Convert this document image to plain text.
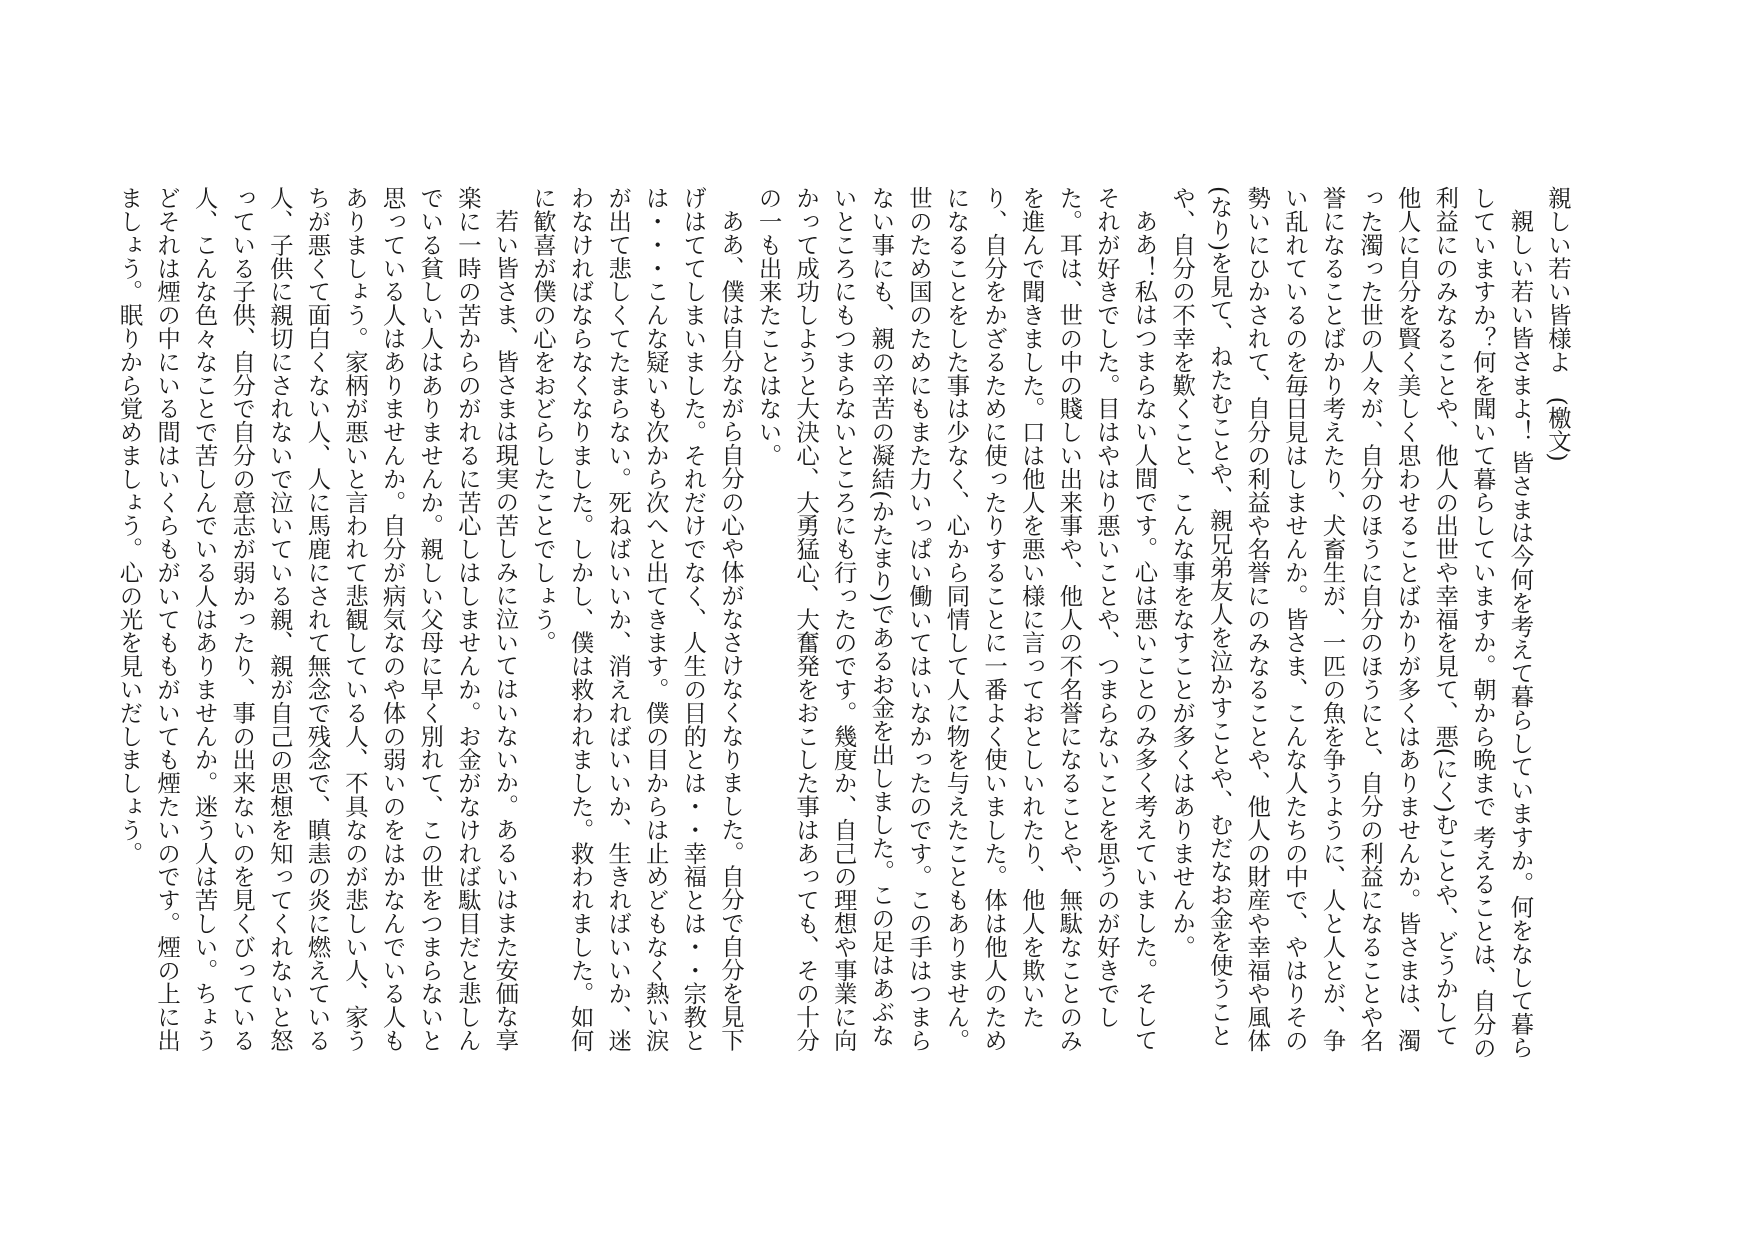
親しい若い皆様よ　(檄文)

親しい若い皆さまよ！ 皆さまは今何を考えて暮らしていますか。何をなして暮らしていますか？何を聞いて暮らしていますか。朝から晩まで 考えることは、自分の利益にのみなることや、他人の出世や幸福を見て、悪(にく)むことや、どうかして他人に自分を賢く美しく思わせることばかりが多くはありませんか。皆さまは、濁った濁った世の人々が、自分のほうに自分のほうにと、自分の利益になることや名誉になることばかり考えたり、犬畜生が、一匹の魚を争うように、人と人とが、争い乱れているのを毎日見はしませんか。皆さま、こんな人たちの中で、やはりその勢いにひかされて、自分の利益や名誉にのみなることや、他人の財産や幸福や風体(なり)を見て、ねたむことや、親兄弟友人を泣かすことや、むだなお金を使うことや、自分の不幸を歎くこと、こんな事をなすことが多くはありませんか。

ああ！私はつまらない人間です。心は悪いことのみ多く考えていました。そしてそれが好きでした。目はやはり悪いことや、つまらないことを思うのが好きでした。耳は、世の中の賤しい出来事や、他人の不名誉になることや、無駄なことのみを進んで聞きました。口は他人を悪い様に言っておとしいれたり、他人を欺いたり、自分をかざるために使ったりすることに一番よく使いました。体は他人のためになることをした事は少なく、心から同情して人に物を与えたこともありません。世のため国のためにもまた力いっぱい働いてはいなかったのです。この手はつまらない事にも、親の辛苦の凝結(かたまり)であるお金を出しました。この足はあぶないところにもつまらないところにも行ったのです。幾度か、自己の理想や事業に向かって成功しようと大決心、大勇猛心、大奮発をおこした事はあっても、その十分の一も出来たことはない。

ああ、僕は自分ながら自分の心や体がなさけなくなりました。自分で自分を見下げはててしまいました。それだけでなく、人生の目的とは・・幸福とは・・宗教とは・・・こんな疑いも次から次へと出てきます。僕の目からは止めどもなく熱い涙が出て悲しくてたまらない。死ねばいいか、消えればいいか、生きればいいか、迷わなければならなくなりました。しかし、僕は救われました。救われました。如何に歓喜が僕の心をおどらしたことでしょう。

若い皆さま、皆さまは現実の苦しみに泣いてはいないか。あるいはまた安価な享楽に一時の苦からのがれるに苦心しはしませんか。お金がなければ駄目だと悲しんでいる貧しい人はありませんか。親しい父母に早く別れて、この世をつまらないと思っている人はありませんか。自分が病気なのや体の弱いのをはかなんでいる人もありましょう。家柄が悪いと言われて悲観している人、不具なのが悲しい人、家うちが悪くて面白くない人、人に馬鹿にされて無念で残念で、瞋恚の炎に燃えている人、子供に親切にされないで泣いている親、親が自己の思想を知ってくれないと怒っている子供、自分で自分の意志が弱かったり、事の出来ないのを見くびっている人、こんな色々なことで苦しんでいる人はありませんか。迷う人は苦しい。ちょうどそれは煙の中にいる間はいくらもがいてももがいても煙たいのです。煙の上に出ましょう。眠りから覚めましょう。心の光を見いだしましょう。
